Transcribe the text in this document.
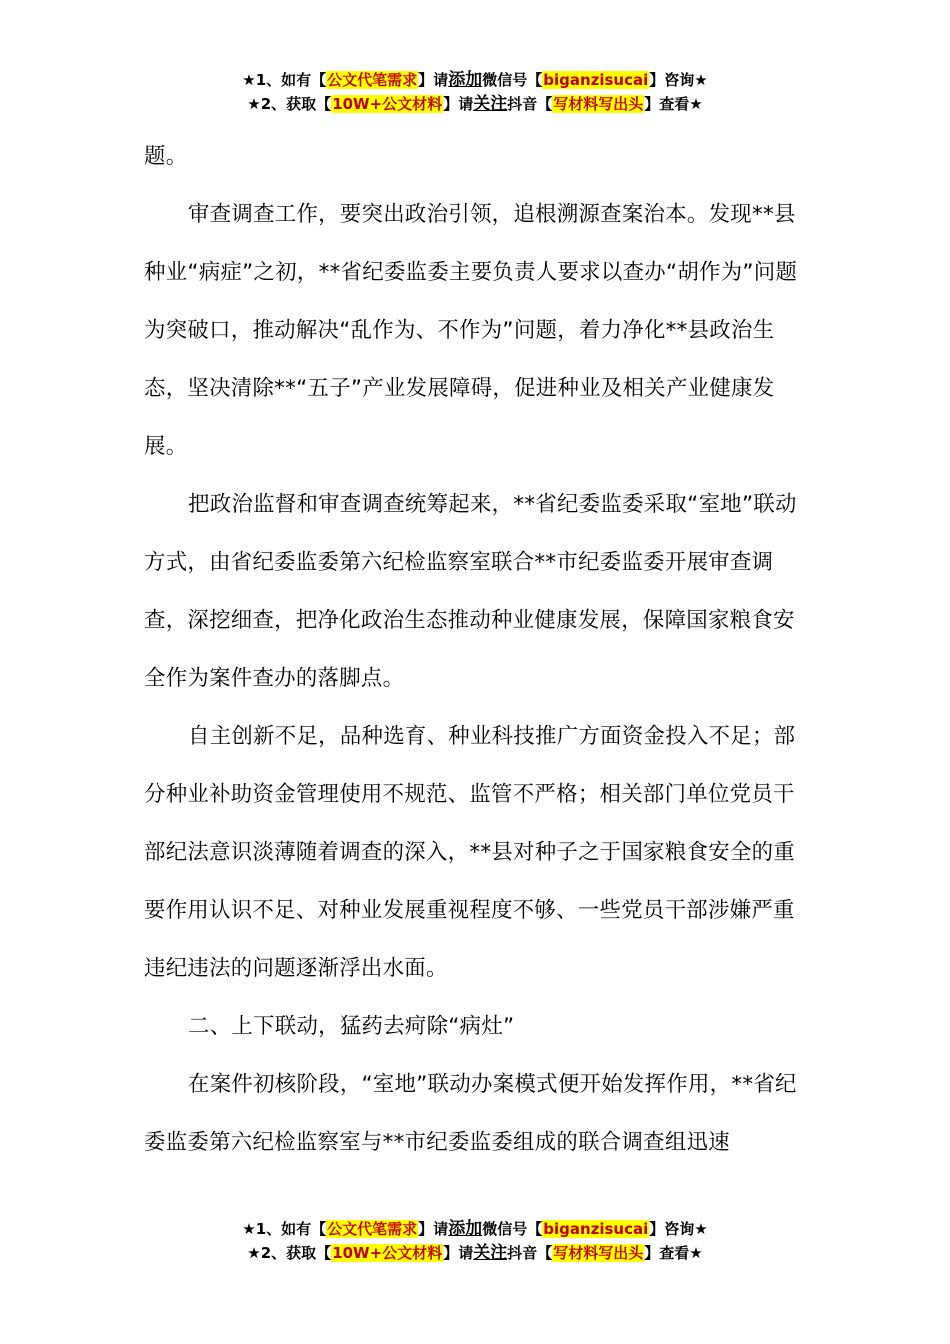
★1、如有【公文代笔需求】请添加微信号【biganzisucai】咨询★
★2、获取【10W+公文材料】请关注抖音【写材料写出头】查看★

题。

审查调查工作，要突出政治引领，追根溯源查案治本。发现**县种业“病症”之初，**省纪委监委主要负责人要求以查办“胡作为”问题为突破口，推动解决“乱作为、不作为”问题，着力净化**县政治生态，坚决清除**“五子”产业发展障碍，促进种业及相关产业健康发展。

把政治监督和审查调查统筹起来，**省纪委监委采取“室地”联动方式，由省纪委监委第六纪检监察室联合**市纪委监委开展审查调查，深挖细查，把净化政治生态推动种业健康发展，保障国家粮食安全作为案件查办的落脚点。

自主创新不足，品种选育、种业科技推广方面资金投入不足；部分种业补助资金管理使用不规范、监管不严格；相关部门单位党员干部纪法意识淡薄随着调查的深入，**县对种子之于国家粮食安全的重要作用认识不足、对种业发展重视程度不够、一些党员干部涉嫌严重违纪违法的问题逐渐浮出水面。

二、上下联动，猛药去疴除“病灶”

在案件初核阶段，“室地”联动办案模式便开始发挥作用，**省纪委监委第六纪检监察室与**市纪委监委组成的联合调查组迅速

★1、如有【公文代笔需求】请添加微信号【biganzisucai】咨询★
★2、获取【10W+公文材料】请关注抖音【写材料写出头】查看★
